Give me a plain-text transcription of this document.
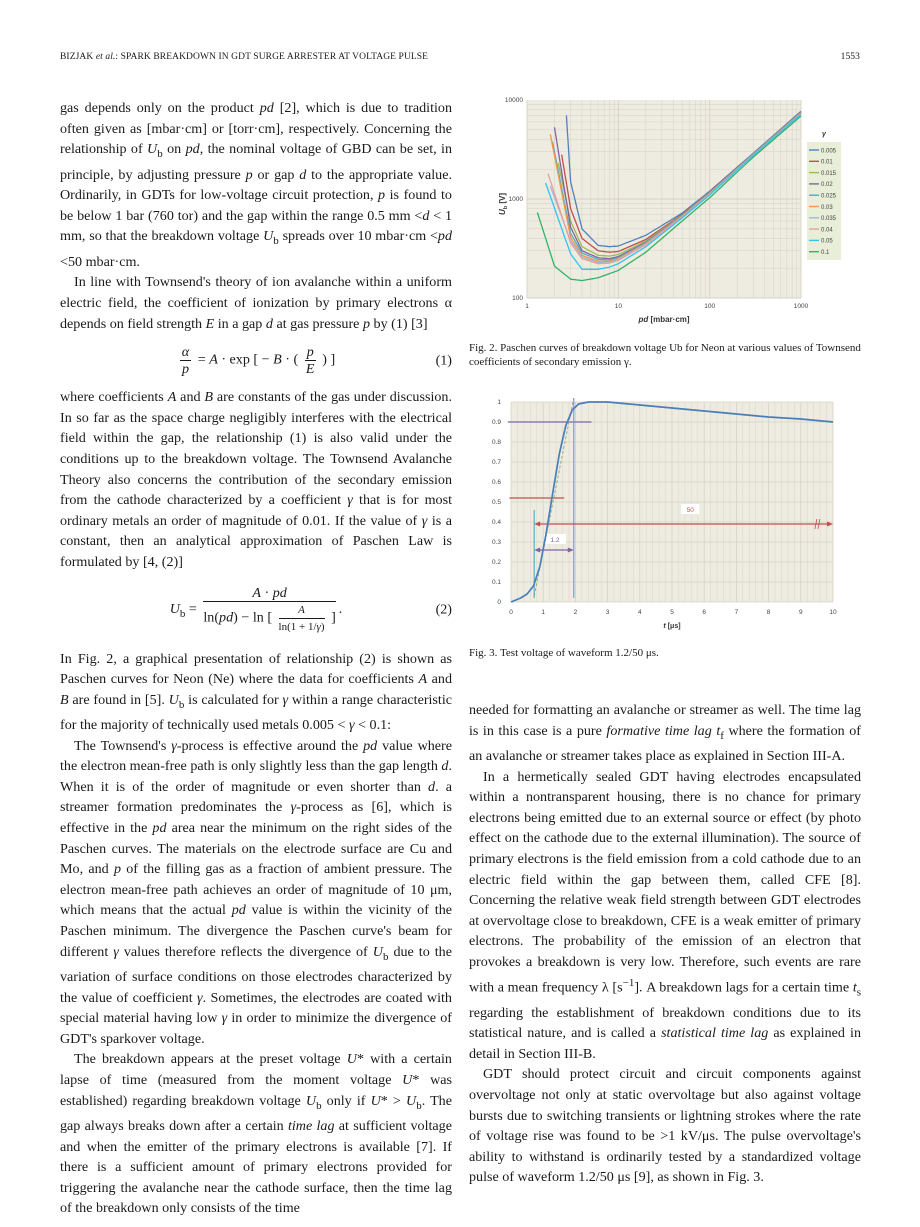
BIZJAK et al.: SPARK BREAKDOWN IN GDT SURGE ARRESTER AT VOLTAGE PULSE	1553

gas depends only on the product pd [2], which is due to tradition often given as [mbar·cm] or [torr·cm], respectively. Concerning the relationship of $U_b$ on pd, the nominal voltage of GBD can be set, in principle, by adjusting pressure p or gap d to the appropriate value. Ordinarily, in GDTs for low-voltage circuit protection, p is found to be below 1 bar (760 tor) and the gap within the range 0.5 mm <d < 1 mm, so that the breakdown voltage $U_b$ spreads over 10 mbar·cm <pd <50 mbar·cm.

In line with Townsend's theory of ion avalanche within a uniform electric field, the coefficient of ionization by primary electrons α depends on field strength E in a gap d at gas pressure p by (1) [3]

$\frac{\alpha}{p} = A \cdot \exp$ [ − B · ( $\frac{p}{E}$ ) ]	(1)

where coefficients A and B are constants of the gas under discussion. In so far as the space charge negligibly interferes with the electrical field within the gap, the relationship (1) is also valid under the conditions up to the breakdown voltage. The Townsend Avalanche Theory also concerns the contribution of the secondary emission from the cathode characterized by a coefficient γ that is for most ordinary metals an order of magnitude of 0.01. If the value of γ is a constant, then an analytical approximation of Paschen Law is formulated by [4, (2)]

$U_b = \frac{A \cdot pd}{\ln(pd) - \ln [ \frac{A}{\ln(1 + 1/\gamma)} ]}$ .	(2)

In Fig. 2, a graphical presentation of relationship (2) is shown as Paschen curves for Neon (Ne) where the data for coefficients A and B are found in [5]. $U_b$ is calculated for γ within a range characteristic for the majority of technically used metals 0.005 < γ < 0.1:

The Townsend's γ-process is effective around the pd value where the electron mean-free path is only slightly less than the gap length d. When it is of the order of magnitude or even shorter than d. a streamer formation predominates the γ-process as [6], which is effective in the pd area near the minimum on the right sides of the Paschen curves. The materials on the electrode surface are Cu and Mo, and p of the filling gas as a fraction of ambient pressure. The electron mean-free path achieves an order of magnitude of 10 μm, which means that the actual pd value is within the vicinity of the Paschen minimum. The divergence the Paschen curve's beam for different γ values therefore reflects the divergence of $U_b$ due to the variation of surface conditions on those electrodes characterized by the value of coefficient γ. Sometimes, the electrodes are coated with special material having low γ in order to minimize the divergence of GDT's sparkover voltage.

The breakdown appears at the preset voltage U* with a certain lapse of time (measured from the moment voltage U* was established) regarding breakdown voltage $U_b$ only if $U* > U_b$. The gap always breaks down after a certain time lag at sufficient voltage and when the emitter of the primary electrons is available [7]. If there is a sufficient amount of primary electrons provided for triggering the avalanche near the cathode surface, then the time lag of the breakdown only consists of the time

1	10	100	1000
100
1000
10000
$U_b$ [V]
pd [mbar·cm]
γ
0.005
0.01
0.015
0.02
0.025
0.03
0.035
0.04
0.05
0.1
Fig. 2. Paschen curves of breakdown voltage Ub for Neon at various values of Townsend coefficients of secondary emission γ.
1.2
50
0	1	2	3	4	5	6	7	8	9	10
0
0.1
0.2
0.3
0.4
0.5
0.6
0.7
0.8
0.9
1
t [μs]
Fig. 3. Test voltage of waveform 1.2/50 μs.

needed for formatting an avalanche or streamer as well. The time lag is in this case is a pure formative time lag $t_f$ where the formation of an avalanche or streamer takes place as explained in Section III-A.

In a hermetically sealed GDT having electrodes encapsulated within a nontransparent housing, there is no chance for primary electrons being emitted due to an external source or effect (by photo effect on the cathode due to the external illumination). The source of primary electrons is the field emission from a cold cathode due to an electric field within the gap between them, called CFE [8]. Concerning the relative weak field strength between GDT electrodes at overvoltage close to breakdown, CFE is a weak emitter of primary electrons. The probability of the emission of an electron that provokes a breakdown is very low. Therefore, such events are rare with a mean frequency λ $[s^{-1}]$. A breakdown lags for a certain time $t_s$ regarding the establishment of breakdown conditions due to its statistical nature, and is called a statistical time lag as explained in detail in Section III-B.

GDT should protect circuit and circuit components against overvoltage not only at static overvoltage but also against voltage bursts due to switching transients or lightning strokes where the rate of voltage rise was found to be >1 kV/μs. The pulse overvoltage's ability to withstand is ordinarily tested by a standardized voltage pulse of waveform 1.2/50 μs [9], as shown in Fig. 3.
